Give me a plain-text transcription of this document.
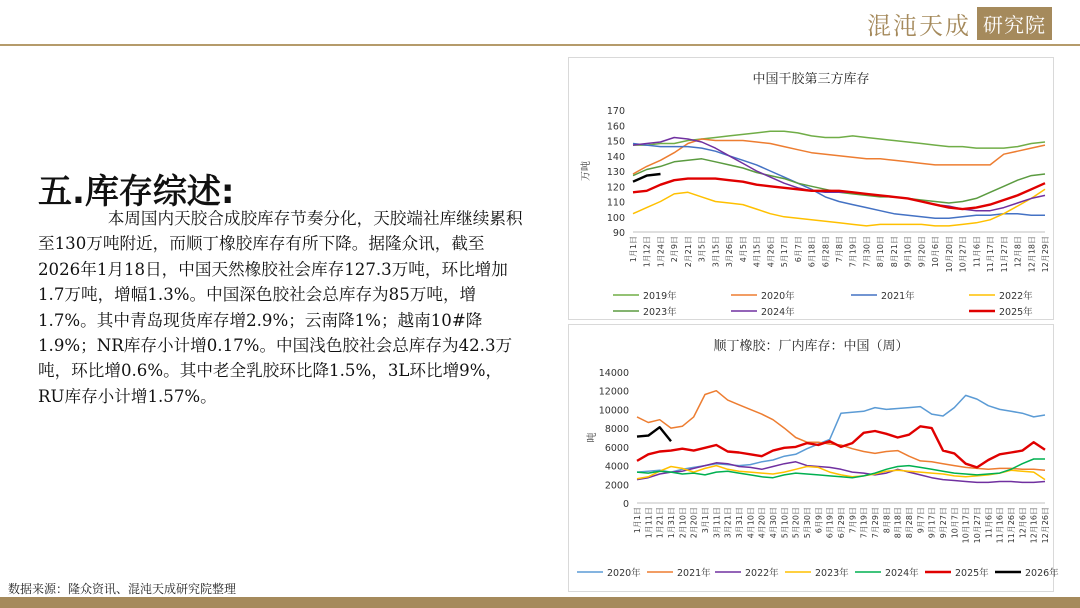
混沌天成 研究院
五.库存综述:

本周国内天胶合成胶库存节奏分化，天胶端社库继续累积至130万吨附近，而顺丁橡胶库存有所下降。据隆众讯，截至2026年1月18日，中国天然橡胶社会库存127.3万吨，环比增加1.7万吨，增幅1.3%。中国深色胶社会总库存为85万吨，增1.7%。其中青岛现货库存增2.9%；云南降1%；越南10#降1.9%；NR库存小计增0.17%。中国浅色胶社会总库存为42.3万吨，环比增0.6%。其中老全乳胶环比降1.5%，3L环比增9%，RU库存小计增1.57%。

中国干胶第三方库存
90
100
110
120
130
140
150
160
170
万吨
1月1日 1月12日 1月24日 2月9日 2月21日 3月5日 3月15日 3月26日 4月5日 4月15日 4月26日 5月17日 6月7日 6月18日 6月28日 7月8日 7月19日 7月30日 8月10日 8月21日 9月10日 9月20日 10月6日 10月20日 10月27日 11月6日 11月17日 11月27日 12月8日 12月18日 12月29日
2019年	2020年	2021年	2022年
2023年	2024年	2025年
顺丁橡胶：厂内库存：中国（周）
0
2000
4000
6000
8000
10000
12000
14000
吨
1月1日 1月11日 1月21日 1月31日 2月10日 2月20日 3月1日 3月11日 3月21日 3月31日 4月10日 4月20日 4月30日 5月10日 5月20日 5月30日 6月9日 6月19日 6月29日 7月9日 7月19日 7月29日 8月8日 8月18日 8月28日 9月7日 9月17日 9月27日 10月7日 10月17日 10月27日 11月6日 11月16日 11月26日 12月6日 12月16日 12月26日
2020年	2021年	2022年	2023年	2024年	2025年	2026年
数据来源：隆众资讯、混沌天成研究院整理
